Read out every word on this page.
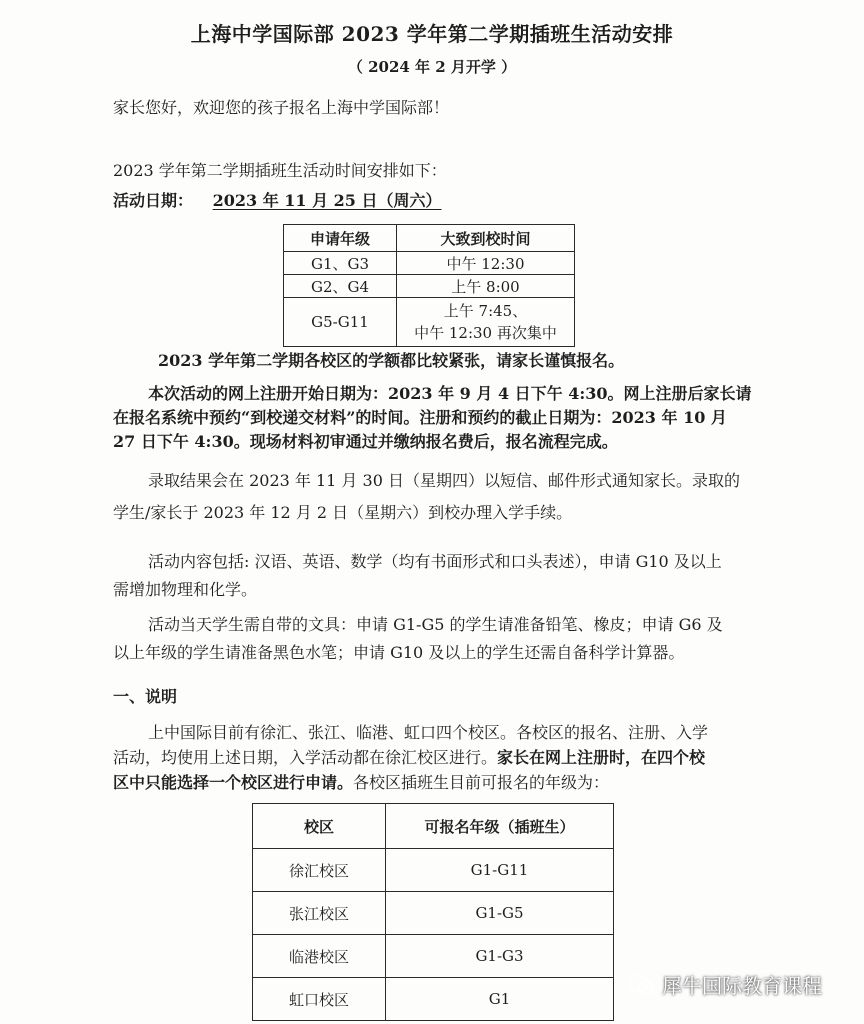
上海中学国际部 2023 学年第二学期插班生活动安排
（ 2024 年 2 月开学 ）
家长您好，欢迎您的孩子报名上海中学国际部！
2023 学年第二学期插班生活动时间安排如下：
活动日期： 2023 年 11 月 25 日（周六）
申请年级	大致到校时间
G1、G3	中午 12:30
G2、G4	上午 8:00
G5-G11	上午 7:45、
中午 12:30 再次集中
2023 学年第二学期各校区的学额都比较紧张，请家长谨慎报名。
本次活动的网上注册开始日期为：2023 年 9 月 4 日下午 4:30。网上注册后家长请
在报名系统中预约“到校递交材料”的时间。注册和预约的截止日期为：2023 年 10 月
27 日下午 4:30。现场材料初审通过并缴纳报名费后，报名流程完成。
录取结果会在 2023 年 11 月 30 日（星期四）以短信、邮件形式通知家长。录取的
学生/家长于 2023 年 12 月 2 日（星期六）到校办理入学手续。
活动内容包括: 汉语、英语、数学（均有书面形式和口头表述），申请 G10 及以上
需增加物理和化学。
活动当天学生需自带的文具：申请 G1-G5 的学生请准备铅笔、橡皮；申请 G6 及
以上年级的学生请准备黑色水笔；申请 G10 及以上的学生还需自备科学计算器。
一、说明
上中国际目前有徐汇、张江、临港、虹口四个校区。各校区的报名、注册、入学
活动，均使用上述日期，入学活动都在徐汇校区进行。家长在网上注册时，在四个校
区中只能选择一个校区进行申请。各校区插班生目前可报名的年级为：
校区	可报名年级（插班生）
徐汇校区	G1-G11
张江校区	G1-G5
临港校区	G1-G3
虹口校区	G1
犀牛国际教育课程
